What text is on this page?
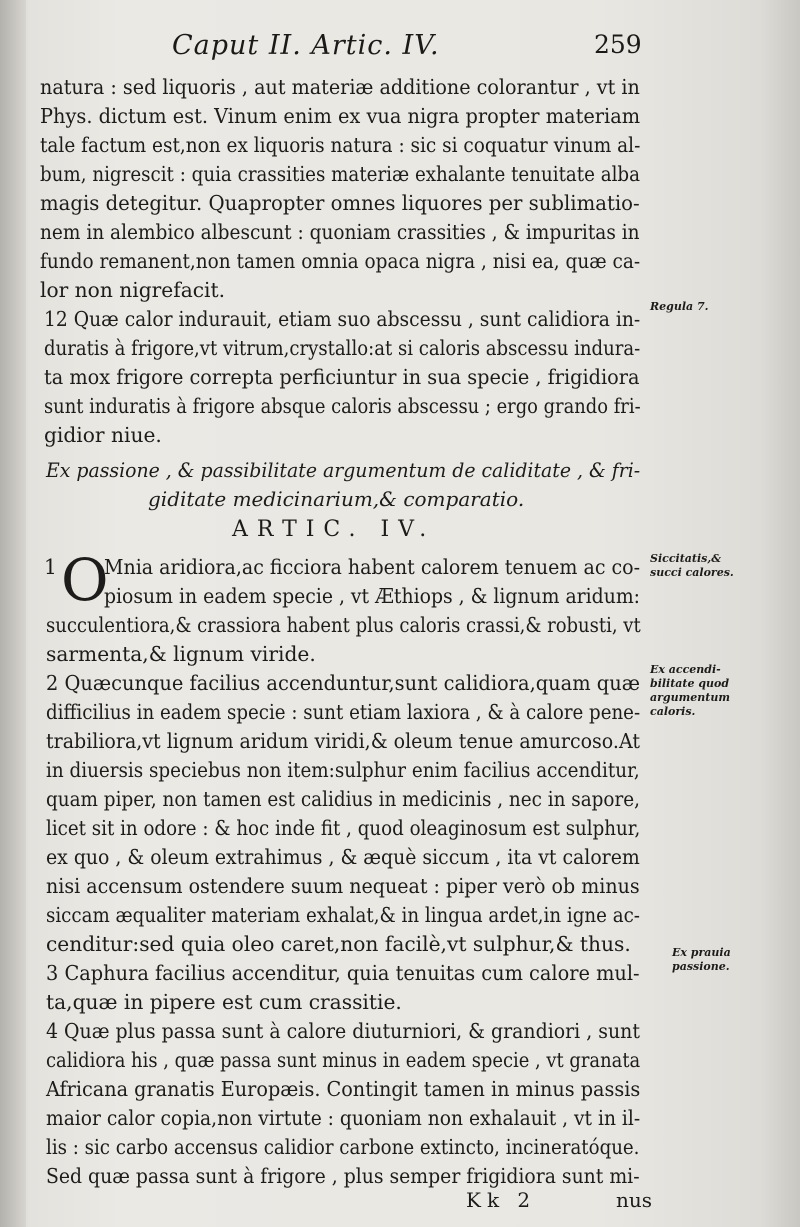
Caput II. Artic. IV.	259
natura : sed liquoris , aut materiæ additione colorantur , vt in
Phys. dictum est. Vinum enim ex vua nigra propter materiam
tale factum est,non ex liquoris natura : sic si coquatur vinum al-
bum, nigrescit : quia crassities materiæ exhalante tenuitate alba
magis detegitur. Quapropter omnes liquores per sublimatio-
nem in alembico albescunt : quoniam crassities , & impuritas in
fundo remanent,non tamen omnia opaca nigra , nisi ea, quæ ca-
lor non nigrefacit.
12 Quæ calor indurauit, etiam suo abscessu , sunt calidiora in-
duratis à frigore,vt vitrum,crystallo:at si caloris abscessu indura-
ta mox frigore correpta perficiuntur in sua specie , frigidiora
sunt induratis à frigore absque caloris abscessu ; ergo grando fri-
gidior niue.
Regula 7.
Ex passione , & passibilitate argumentum de caliditate , & fri-
giditate medicinarium,& comparatio.
ARTIC. IV.
1 O
Mnia aridiora,ac ficciora habent calorem tenuem ac co-
piosum in eadem specie , vt Æthiops , & lignum aridum:
succulentiora,& crassiora habent plus caloris crassi,& robusti, vt
sarmenta,& lignum viride.
Siccitatis,&
succi calores.
2 Quæcunque facilius accenduntur,sunt calidiora,quam quæ
difficilius in eadem specie : sunt etiam laxiora , & à calore pene-
trabiliora,vt lignum aridum viridi,& oleum tenue amurcoso.At
in diuersis speciebus non item:sulphur enim facilius accenditur,
quam piper, non tamen est calidius in medicinis , nec in sapore,
licet sit in odore : & hoc inde fit , quod oleaginosum est sulphur,
ex quo , & oleum extrahimus , & æquè siccum , ita vt calorem
nisi accensum ostendere suum nequeat : piper verò ob minus
siccam æqualiter materiam exhalat,& in lingua ardet,in igne ac-
cenditur:sed quia oleo caret,non facilè,vt sulphur,& thus.
Ex accendi-
bilitate quod
argumentum
caloris.
3 Caphura facilius accenditur, quia tenuitas cum calore mul-
ta,quæ in pipere est cum crassitie.
Ex prauia
passione.
4 Quæ plus passa sunt à calore diuturniori, & grandiori , sunt
calidiora his , quæ passa sunt minus in eadem specie , vt granata
Africana granatis Europæis. Contingit tamen in minus passis
maior calor copia,non virtute : quoniam non exhalauit , vt in il-
lis : sic carbo accensus calidior carbone extincto, incineratóque.
Sed quæ passa sunt à frigore , plus semper frigidiora sunt mi-
Kk 2	nus
